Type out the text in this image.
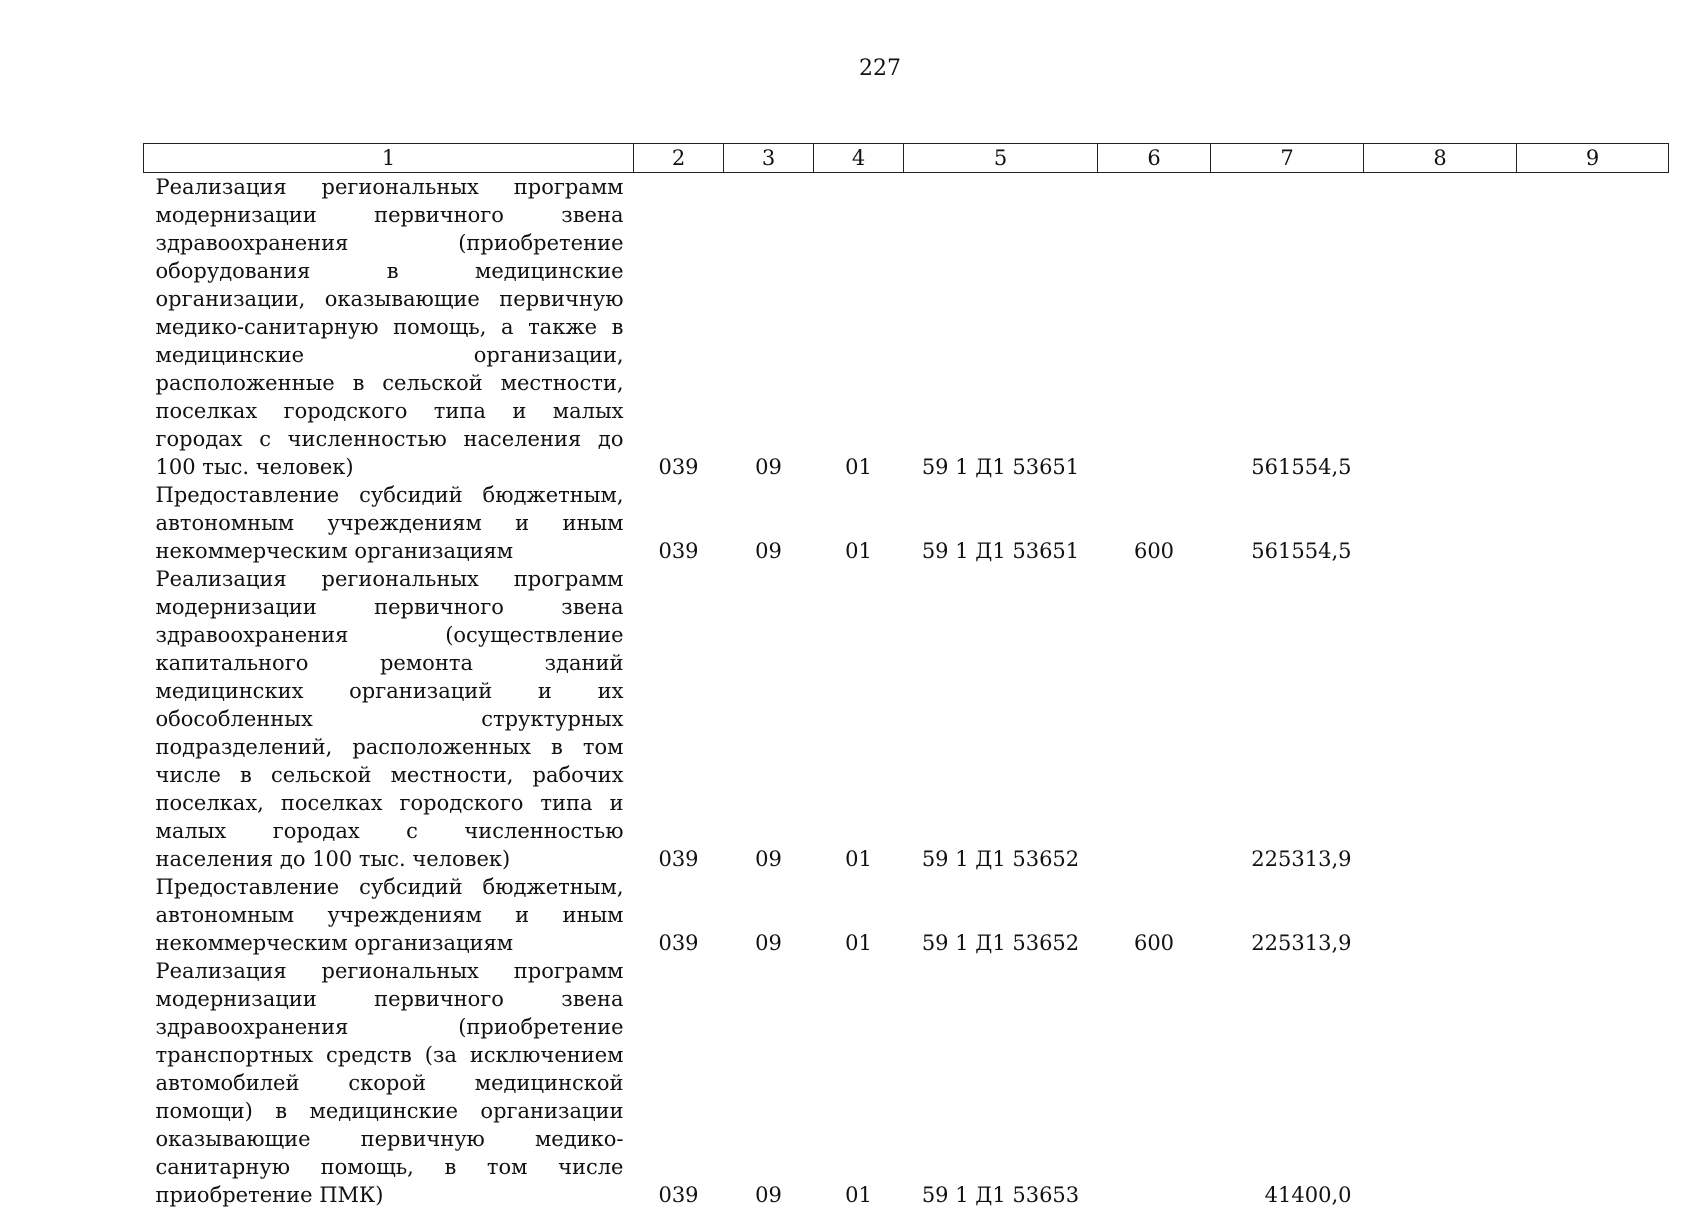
227
1	2	3	4	5	6	7	8	9
Реализация региональных программ модернизации первичного звена здравоохранения (приобретение оборудования в медицинские организации, оказывающие первичную медико-санитарную помощь, а также в медицинские организации, расположенные в сельской местности, поселках городского типа и малых городах с численностью населения до 100 тыс. человек)	039	09	01	59 1 Д1 53651		561554,5		
Предоставление субсидий бюджетным, автономным учреждениям и иным некоммерческим организациям	039	09	01	59 1 Д1 53651	600	561554,5		
Реализация региональных программ модернизации первичного звена здравоохранения (осуществление капитального ремонта зданий медицинских организаций и их обособленных структурных подразделений, расположенных в том числе в сельской местности, рабочих поселках, поселках городского типа и малых городах с численностью населения до 100 тыс. человек)	039	09	01	59 1 Д1 53652		225313,9		
Предоставление субсидий бюджетным, автономным учреждениям и иным некоммерческим организациям	039	09	01	59 1 Д1 53652	600	225313,9		
Реализация региональных программ модернизации первичного звена здравоохранения (приобретение транспортных средств (за исключением автомобилей скорой медицинской помощи) в медицинские организации оказывающие первичную медико-санитарную помощь, в том числе приобретение ПМК)	039	09	01	59 1 Д1 53653		41400,0		
